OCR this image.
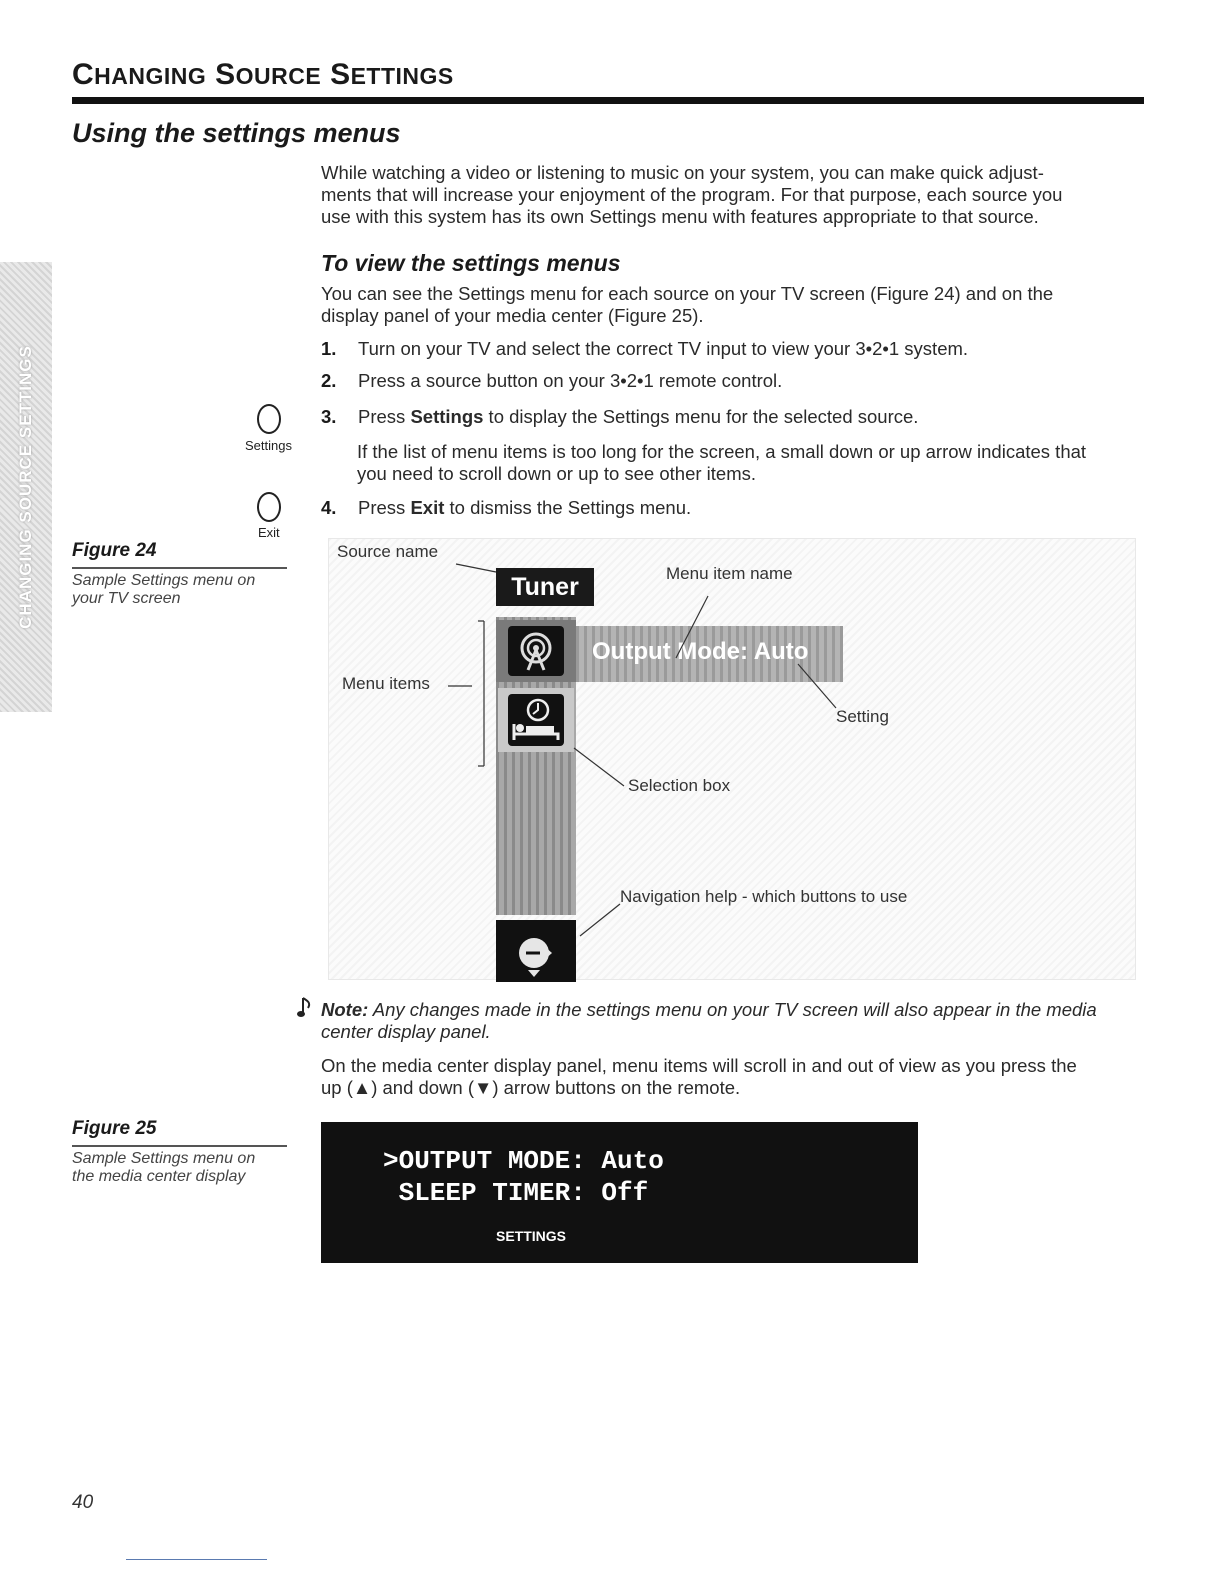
CHANGING SOURCE SETTINGS
Using the settings menus
CHANGING SOURCE SETTINGS

While watching a video or listening to music on your system, you can make quick adjust-

ments that will increase your enjoyment of the program. For that purpose, each source you

use with this system has its own Settings menu with features appropriate to that source.

To view the settings menus

You can see the Settings menu for each source on your TV screen (Figure 24) and on the

display panel of your media center (Figure 25).

1. Turn on your TV and select the correct TV input to view your 3•2•1 system.
2. Press a source button on your 3•2•1 remote control.
3. Press Settings to display the Settings menu for the selected source.

If the list of menu items is too long for the screen, a small down or up arrow indicates that

you need to scroll down or up to see other items.

4. Press Exit to dismiss the Settings menu.
Settings
Exit
Figure 24
Sample Settings menu on
your TV screen	Tuner
Output Mode: Auto
Source name
Menu item name
Menu items
Setting
Selection box
Navigation help - which buttons to use
Note: Any changes made in the settings menu on your TV screen will also appear in the media
center display panel.

On the media center display panel, menu items will scroll in and out of view as you press the

up (▲) and down (▼) arrow buttons on the remote.

Figure 25
Sample Settings menu on
the media center display
>OUTPUT MODE: Auto
SLEEP TIMER: Off
SETTINGS
40
